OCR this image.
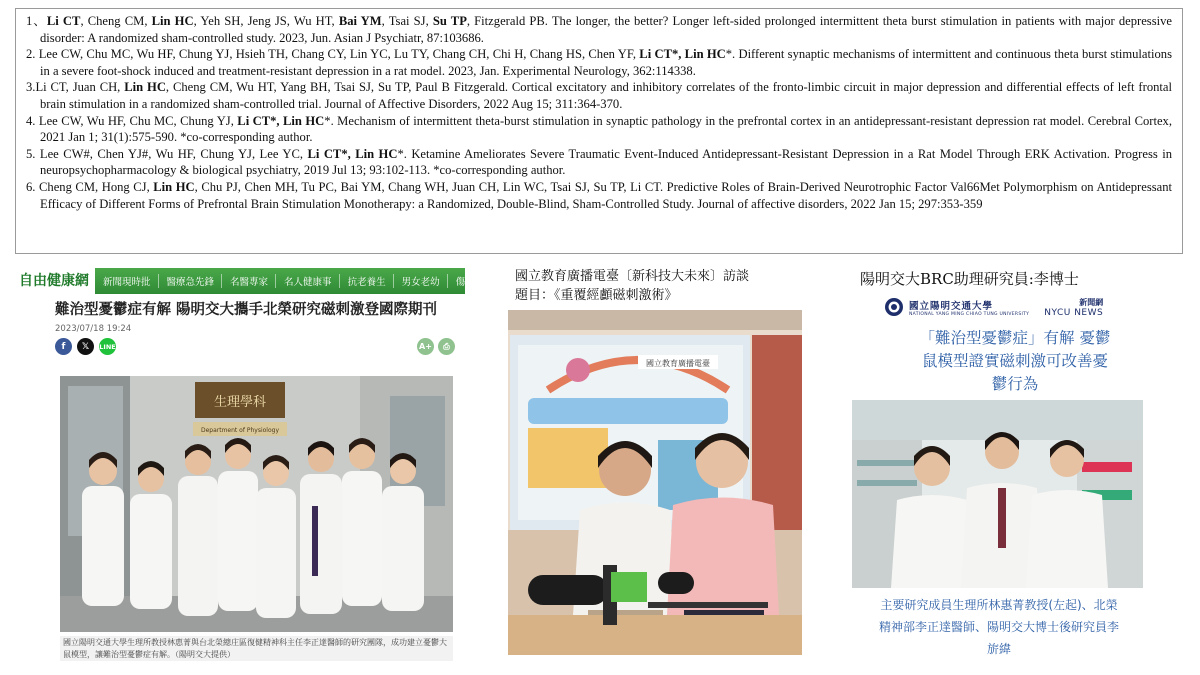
1、Li CT, Cheng CM, Lin HC, Yeh SH, Jeng JS, Wu HT, Bai YM, Tsai SJ, Su TP, Fitzgerald PB. The longer, the better? Longer left-sided prolonged intermittent theta burst stimulation in patients with major depressive disorder: A randomized sham-controlled study. 2023, Jun. Asian J Psychiatr, 87:103686.

2. Lee CW, Chu MC, Wu HF, Chung YJ, Hsieh TH, Chang CY, Lin YC, Lu TY, Chang CH, Chi H, Chang HS, Chen YF, Li CT*, Lin HC*. Different synaptic mechanisms of intermittent and continuous theta burst stimulations in a severe foot-shock induced and treatment-resistant depression in a rat model. 2023, Jan. Experimental Neurology, 362:114338.

3.Li CT, Juan CH, Lin HC, Cheng CM, Wu HT, Yang BH, Tsai SJ, Su TP, Paul B Fitzgerald. Cortical excitatory and inhibitory correlates of the fronto-limbic circuit in major depression and differential effects of left frontal brain stimulation in a randomized sham-controlled trial. Journal of Affective Disorders, 2022 Aug 15; 311:364-370.

4. Lee CW, Wu HF, Chu MC, Chung YJ, Li CT*, Lin HC*. Mechanism of intermittent theta-burst stimulation in synaptic pathology in the prefrontal cortex in an antidepressant-resistant depression rat model. Cerebral Cortex, 2021 Jan 1; 31(1):575-590. *co-corresponding author.

5. Lee CW#, Chen YJ#, Wu HF, Chung YJ, Lee YC, Li CT*, Lin HC*. Ketamine Ameliorates Severe Traumatic Event-Induced Antidepressant-Resistant Depression in a Rat Model Through ERK Activation. Progress in neuropsychopharmacology & biological psychiatry, 2019 Jul 13; 93:102-113. *co-corresponding author.

6. Cheng CM, Hong CJ, Lin HC, Chu PJ, Chen MH, Tu PC, Bai YM, Chang WH, Juan CH, Lin WC, Tsai SJ, Su TP, Li CT. Predictive Roles of Brain-Derived Neurotrophic Factor Val66Met Polymorphism on Antidepressant Efficacy of Different Forms of Prefrontal Brain Stimulation Monotherapy: a Randomized, Double-Blind, Sham-Controlled Study. Journal of affective disorders, 2022 Jan 15; 297:353-359

自由健康網	新聞現時批	醫療急先鋒	名醫專家	名人健康事	抗老養生	男女老幼	傷病
難治型憂鬱症有解 陽明交大攜手北榮研究磁刺激登國際期刊
2023/07/18 19:24
f	𝕏	LINE	A+	⎙
生理學科
Department of Physiology
國立陽明交通大學生理所教授林惠菁與台北榮總庄區復健精神科主任李正達醫師的研究團隊，成功建立憂鬱大鼠模型，讓難治型憂鬱症有解。（陽明交大提供）
國立教育廣播電臺〔新科技大未來〕訪談
題目：《重覆經顱磁刺激術》
國立教育廣播電臺
陽明交大BRC助理研究員:李博士
國立陽明交通大學
NATIONAL YANG MING CHIAO TUNG UNIVERSITY
新聞網
NYCU NEWS
「難治型憂鬱症」有解 憂鬱
鼠模型證實磁刺激可改善憂
鬱行為
主要研究成員生理所林惠菁教授(左起)、北榮
精神部李正達醫師、陽明交大博士後研究員李
旂緯
